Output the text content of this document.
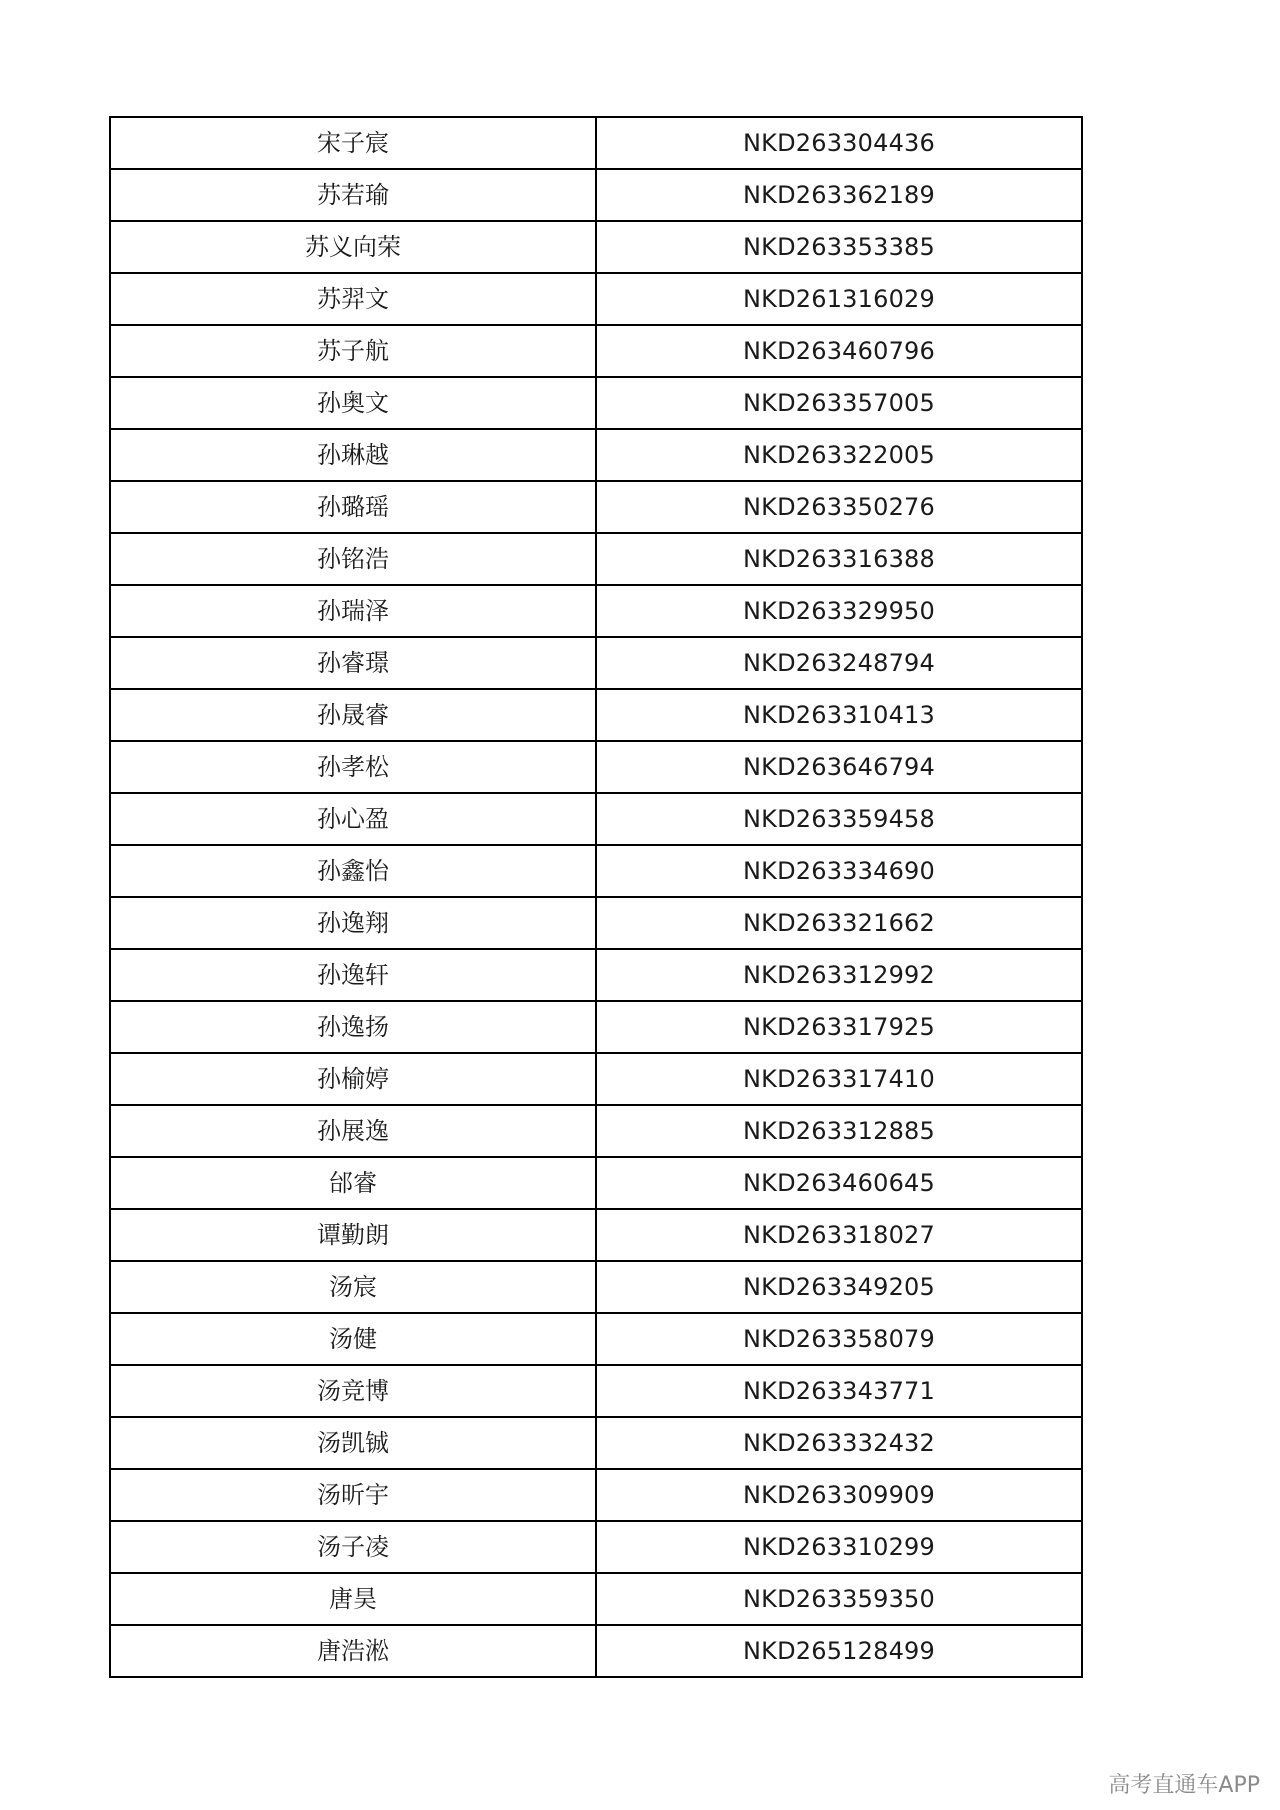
宋子宸	NKD263304436
苏若瑜	NKD263362189
苏义向荣	NKD263353385
苏羿文	NKD261316029
苏子航	NKD263460796
孙奥文	NKD263357005
孙琳越	NKD263322005
孙璐瑶	NKD263350276
孙铭浩	NKD263316388
孙瑞泽	NKD263329950
孙睿璟	NKD263248794
孙晟睿	NKD263310413
孙孝松	NKD263646794
孙心盈	NKD263359458
孙鑫怡	NKD263334690
孙逸翔	NKD263321662
孙逸轩	NKD263312992
孙逸扬	NKD263317925
孙榆婷	NKD263317410
孙展逸	NKD263312885
邰睿	NKD263460645
谭勤朗	NKD263318027
汤宸	NKD263349205
汤健	NKD263358079
汤竞博	NKD263343771
汤凯铖	NKD263332432
汤昕宇	NKD263309909
汤子凌	NKD263310299
唐昊	NKD263359350
唐浩淞	NKD265128499
高考直通车APP
